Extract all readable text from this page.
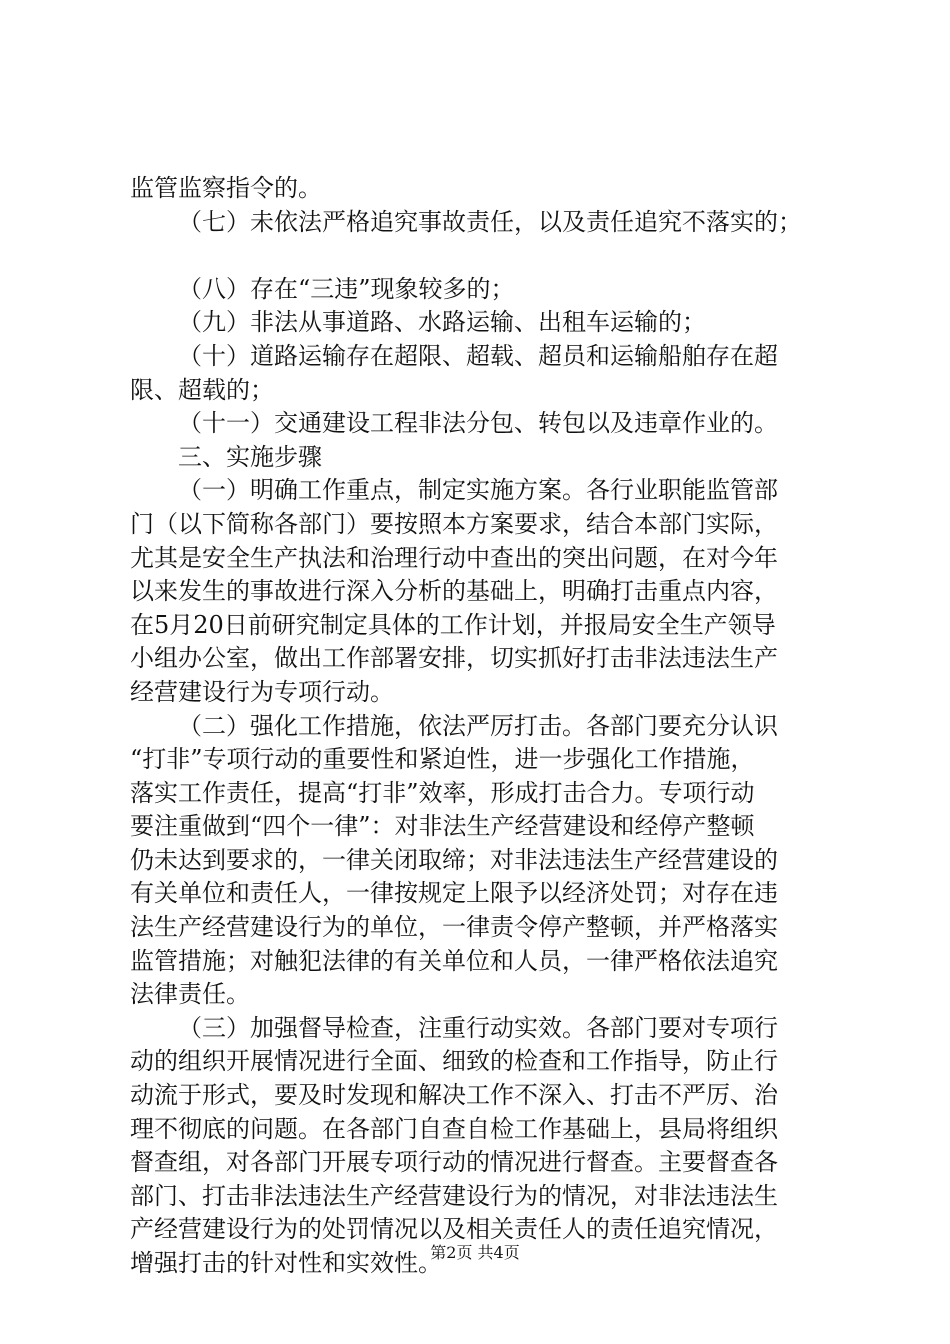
监管监察指令的。
（七）未依法严格追究事故责任，以及责任追究不落实的；
（八）存在“三违”现象较多的；
（九）非法从事道路、水路运输、出租车运输的；
（十）道路运输存在超限、超载、超员和运输船舶存在超
限、超载的；
（十一）交通建设工程非法分包、转包以及违章作业的。
三、实施步骤
（一）明确工作重点，制定实施方案。各行业职能监管部
门（以下简称各部门）要按照本方案要求，结合本部门实际，
尤其是安全生产执法和治理行动中查出的突出问题，在对今年
以来发生的事故进行深入分析的基础上，明确打击重点内容，
在5月20日前研究制定具体的工作计划，并报局安全生产领导
小组办公室，做出工作部署安排，切实抓好打击非法违法生产
经营建设行为专项行动。
（二）强化工作措施，依法严厉打击。各部门要充分认识
“打非”专项行动的重要性和紧迫性，进一步强化工作措施，
落实工作责任，提高“打非”效率，形成打击合力。专项行动
要注重做到“四个一律”：对非法生产经营建设和经停产整顿
仍未达到要求的，一律关闭取缔；对非法违法生产经营建设的
有关单位和责任人，一律按规定上限予以经济处罚；对存在违
法生产经营建设行为的单位，一律责令停产整顿，并严格落实
监管措施；对触犯法律的有关单位和人员，一律严格依法追究
法律责任。
（三）加强督导检查，注重行动实效。各部门要对专项行
动的组织开展情况进行全面、细致的检查和工作指导，防止行
动流于形式，要及时发现和解决工作不深入、打击不严厉、治
理不彻底的问题。在各部门自查自检工作基础上，县局将组织
督查组，对各部门开展专项行动的情况进行督查。主要督查各
部门、打击非法违法生产经营建设行为的情况，对非法违法生
产经营建设行为的处罚情况以及相关责任人的责任追究情况，
增强打击的针对性和实效性。
第2页 共4页
